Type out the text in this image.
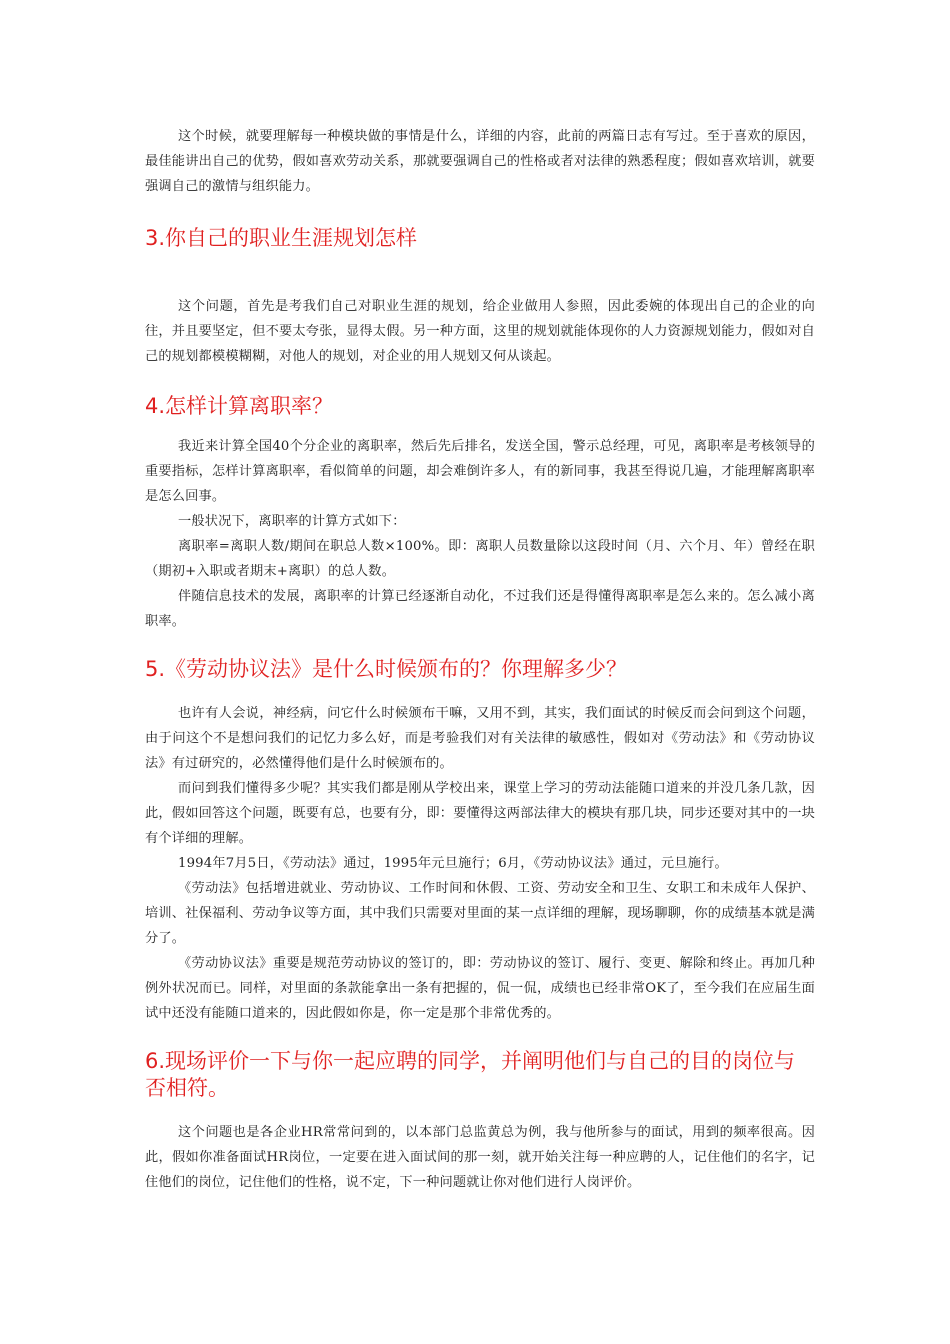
这个时候，就要理解每一种模块做的事情是什么，详细的内容，此前的两篇日志有写过。至于喜欢的原因，最佳能讲出自己的优势，假如喜欢劳动关系，那就要强调自己的性格或者对法律的熟悉程度；假如喜欢培训，就要强调自己的激情与组织能力。

3.你自己的职业生涯规划怎样

这个问题，首先是考我们自己对职业生涯的规划，给企业做用人参照，因此委婉的体现出自己的企业的向往，并且要坚定，但不要太夸张，显得太假。另一种方面，这里的规划就能体现你的人力资源规划能力，假如对自己的规划都模模糊糊，对他人的规划，对企业的用人规划又何从谈起。

4.怎样计算离职率？

我近来计算全国40个分企业的离职率，然后先后排名，发送全国，警示总经理，可见，离职率是考核领导的重要指标，怎样计算离职率，看似简单的问题，却会难倒许多人，有的新同事，我甚至得说几遍，才能理解离职率是怎么回事。

一般状况下，离职率的计算方式如下：

离职率=离职人数/期间在职总人数×100%。即：离职人员数量除以这段时间（月、六个月、年）曾经在职（期初+入职或者期末+离职）的总人数。

伴随信息技术的发展，离职率的计算已经逐渐自动化，不过我们还是得懂得离职率是怎么来的。怎么减小离职率。

5.《劳动协议法》是什么时候颁布的？你理解多少？

也许有人会说，神经病，问它什么时候颁布干嘛，又用不到，其实，我们面试的时候反而会问到这个问题，由于问这个不是想问我们的记忆力多么好，而是考验我们对有关法律的敏感性，假如对《劳动法》和《劳动协议法》有过研究的，必然懂得他们是什么时候颁布的。

而问到我们懂得多少呢？其实我们都是刚从学校出来，课堂上学习的劳动法能随口道来的并没几条几款，因此，假如回答这个问题，既要有总，也要有分，即：要懂得这两部法律大的模块有那几块，同步还要对其中的一块有个详细的理解。

1994年7月5日，《劳动法》通过，1995年元旦施行；6月，《劳动协议法》通过，元旦施行。

《劳动法》包括增进就业、劳动协议、工作时间和休假、工资、劳动安全和卫生、女职工和未成年人保护、培训、社保福利、劳动争议等方面，其中我们只需要对里面的某一点详细的理解，现场聊聊，你的成绩基本就是满分了。

《劳动协议法》重要是规范劳动协议的签订的，即：劳动协议的签订、履行、变更、解除和终止。再加几种例外状况而已。同样，对里面的条款能拿出一条有把握的，侃一侃，成绩也已经非常OK了，至今我们在应届生面试中还没有能随口道来的，因此假如你是，你一定是那个非常优秀的。

6.现场评价一下与你一起应聘的同学，并阐明他们与自己的目的岗位与否相符。

这个问题也是各企业HR常常问到的，以本部门总监黄总为例，我与他所参与的面试，用到的频率很高。因此，假如你准备面试HR岗位，一定要在进入面试间的那一刻，就开始关注每一种应聘的人，记住他们的名字，记住他们的岗位，记住他们的性格，说不定，下一种问题就让你对他们进行人岗评价。
